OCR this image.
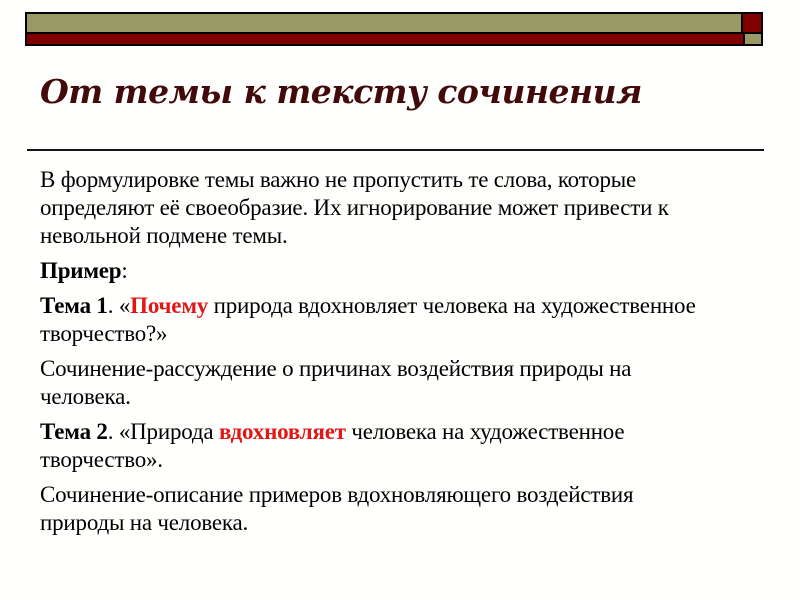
От темы к тексту сочинения

В формулировке темы важно не пропустить те слова, которые
определяют её своеобразие. Их игнорирование может привести к
невольной подмене темы.

Пример:

Тема 1. «Почему природа вдохновляет человека на художественное
творчество?»

Сочинение-рассуждение о причинах воздействия природы на
человека.

Тема 2. «Природа вдохновляет человека на художественное
творчество».

Сочинение-описание примеров вдохновляющего воздействия
природы на человека.
